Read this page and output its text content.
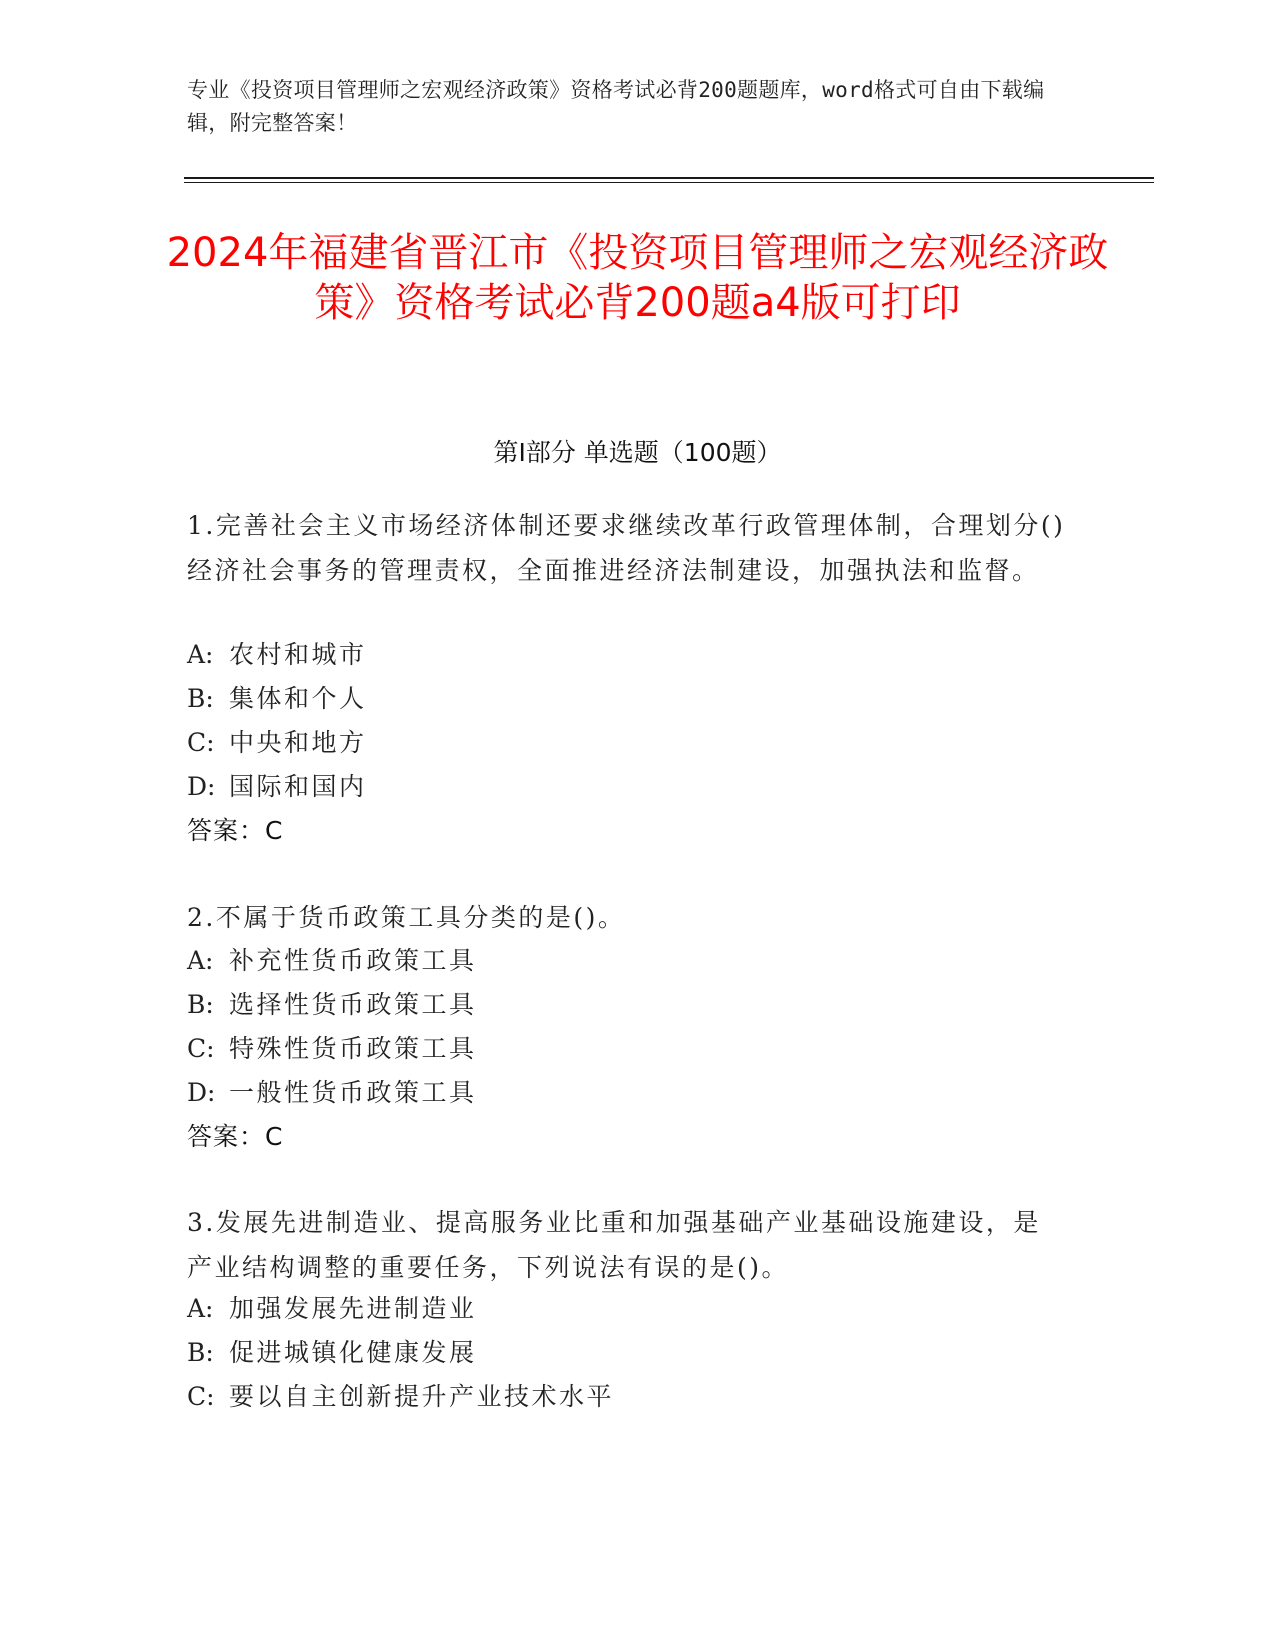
专业《投资项目管理师之宏观经济政策》资格考试必背200题题库，word格式可自由下载编辑，附完整答案！
2024年福建省晋江市《投资项目管理师之宏观经济政策》资格考试必背200题a4版可打印
第Ⅰ部分 单选题（100题）
1.完善社会主义市场经济体制还要求继续改革行政管理体制，合理划分()经济社会事务的管理责权，全面推进经济法制建设，加强执法和监督。
A: 农村和城市
B: 集体和个人
C: 中央和地方
D: 国际和国内
答案：C
2.不属于货币政策工具分类的是()。
A: 补充性货币政策工具
B: 选择性货币政策工具
C: 特殊性货币政策工具
D: 一般性货币政策工具
答案：C
3.发展先进制造业、提高服务业比重和加强基础产业基础设施建设，是产业结构调整的重要任务，下列说法有误的是()。
A: 加强发展先进制造业
B: 促进城镇化健康发展
C: 要以自主创新提升产业技术水平
